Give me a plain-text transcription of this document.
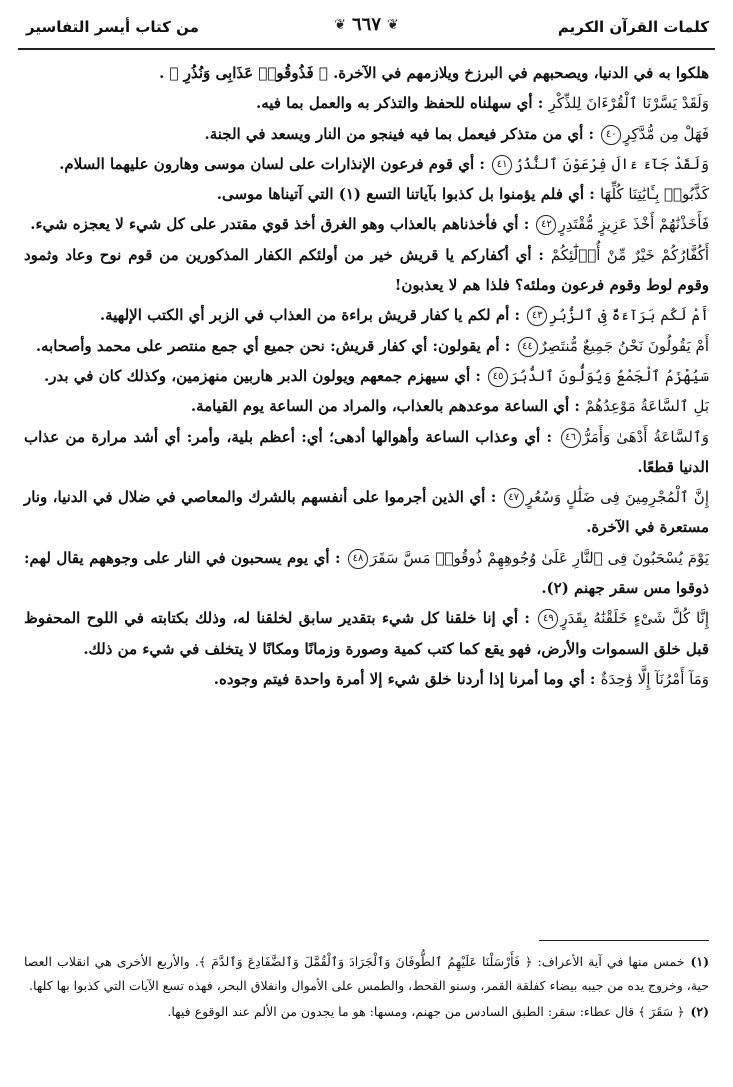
كلمات القرآن الكريم
❦ ٦٦٧ ❦
من كتاب أيسر التفاسير

هلكوا به في الدنيا، ويصحبهم في البرزخ ويلازمهم في الآخرة. ﴿ فَذُوقُوا۟ عَذَابِى وَنُذُرِ ﴾ .

وَلَقَدْ يَسَّرْنَا ٱلْقُرْءَانَ لِلذِّكْرِ : أي سهلناه للحفظ والتذكر به والعمل بما فيه.

فَهَلْ مِن مُّدَّكِرٍ٤٠ : أي من متذكر فيعمل بما فيه فينجو من النار ويسعد في الجنة.

وَلَقَدْ جَآءَ ءَالَ فِرْعَوْنَ ٱلنُّذُرُ٤١ : أي قوم فرعون الإنذارات على لسان موسى وهارون عليهما السلام.

كَذَّبُوا۟ بِـَٔايَٰتِنَا كُلِّهَا : أي فلم يؤمنوا بل كذبوا بآياتنا التسع (١) التي آتيناها موسى.

فَأَخَذْنَٰهُمْ أَخْذَ عَزِيزٍ مُّقْتَدِرٍ٤٢ : أي فأخذناهم بالعذاب وهو الغرق أخذ قوي مقتدر على كل شيء لا يعجزه شيء.

أَكُفَّارُكُمْ خَيْرٌ مِّنْ أُو۟لَٰٓئِكُمْ : أي أكفاركم يا قريش خير من أولئكم الكفار المذكورين من قوم نوح وعاد وثمود وقوم لوط وقوم فرعون وملئه؟ فلذا هم لا يعذبون!

أَمْ لَكُم بَرَآءَةٌ فِى ٱلزُّبُرِ٤٣ : أم لكم يا كفار قريش براءة من العذاب في الزبر أي الكتب الإلهية.

أَمْ يَقُولُونَ نَحْنُ جَمِيعٌ مُّنتَصِرٌ٤٤ : أم يقولون: أي كفار قريش: نحن جميع أي جمع منتصر على محمد وأصحابه.

سَيُهْزَمُ ٱلْجَمْعُ وَيُوَلُّونَ ٱلدُّبُرَ٤٥ : أي سيهزم جمعهم ويولون الدبر هاربين منهزمين، وكذلك كان في بدر.

بَلِ ٱلسَّاعَةُ مَوْعِدُهُمْ : أي الساعة موعدهم بالعذاب، والمراد من الساعة يوم القيامة.

وَٱلسَّاعَةُ أَدْهَىٰ وَأَمَرُّ٤٦ : أي وعذاب الساعة وأهوالها أدهى؛ أي: أعظم بلية، وأمر: أي أشد مرارة من عذاب الدنيا قطعًا.

إِنَّ ٱلْمُجْرِمِينَ فِى ضَلَٰلٍ وَسُعُرٍ٤٧ : أي الذين أجرموا على أنفسهم بالشرك والمعاصي في ضلال في الدنيا، ونار مستعرة في الآخرة.

يَوْمَ يُسْحَبُونَ فِى ٱلنَّارِ عَلَىٰ وُجُوهِهِمْ ذُوقُوا۟ مَسَّ سَقَرَ٤٨ : أي يوم يسحبون في النار على وجوههم يقال لهم: ذوقوا مس سقر جهنم (٢).

إِنَّا كُلَّ شَىْءٍ خَلَقْنَٰهُ بِقَدَرٍ٤٩ : أي إنا خلقنا كل شيء بتقدير سابق لخلقنا له، وذلك بكتابته في اللوح المحفوظ قبل خلق السموات والأرض، فهو يقع كما كتب كمية وصورة وزمانًا ومكانًا لا يتخلف في شيء من ذلك.

وَمَآ أَمْرُنَآ إِلَّا وَٰحِدَةٌ : أي وما أمرنا إذا أردنا خلق شيء إلا أمرة واحدة فيتم وجوده.

(١)خمس منها في آية الأعراف: ﴿ فَأَرْسَلْنَا عَلَيْهِمُ ٱلطُّوفَانَ وَٱلْجَرَادَ وَٱلْقُمَّلَ وَٱلضَّفَادِعَ وَٱلدَّمَ ﴾. والأربع الأخرى هي انقلاب العصا حية، وخروج يده من جيبه بيضاء كفلقة القمر، وسنو القحط، والطمس على الأموال وانفلاق البحر، فهذه تسع الآيات التي كذبوا بها كلها.

(٢)﴿ سَقَرَ ﴾ قال عطاء: سقر: الطبق السادس من جهنم، ومسها: هو ما يجدون من الألم عند الوقوع فيها.
